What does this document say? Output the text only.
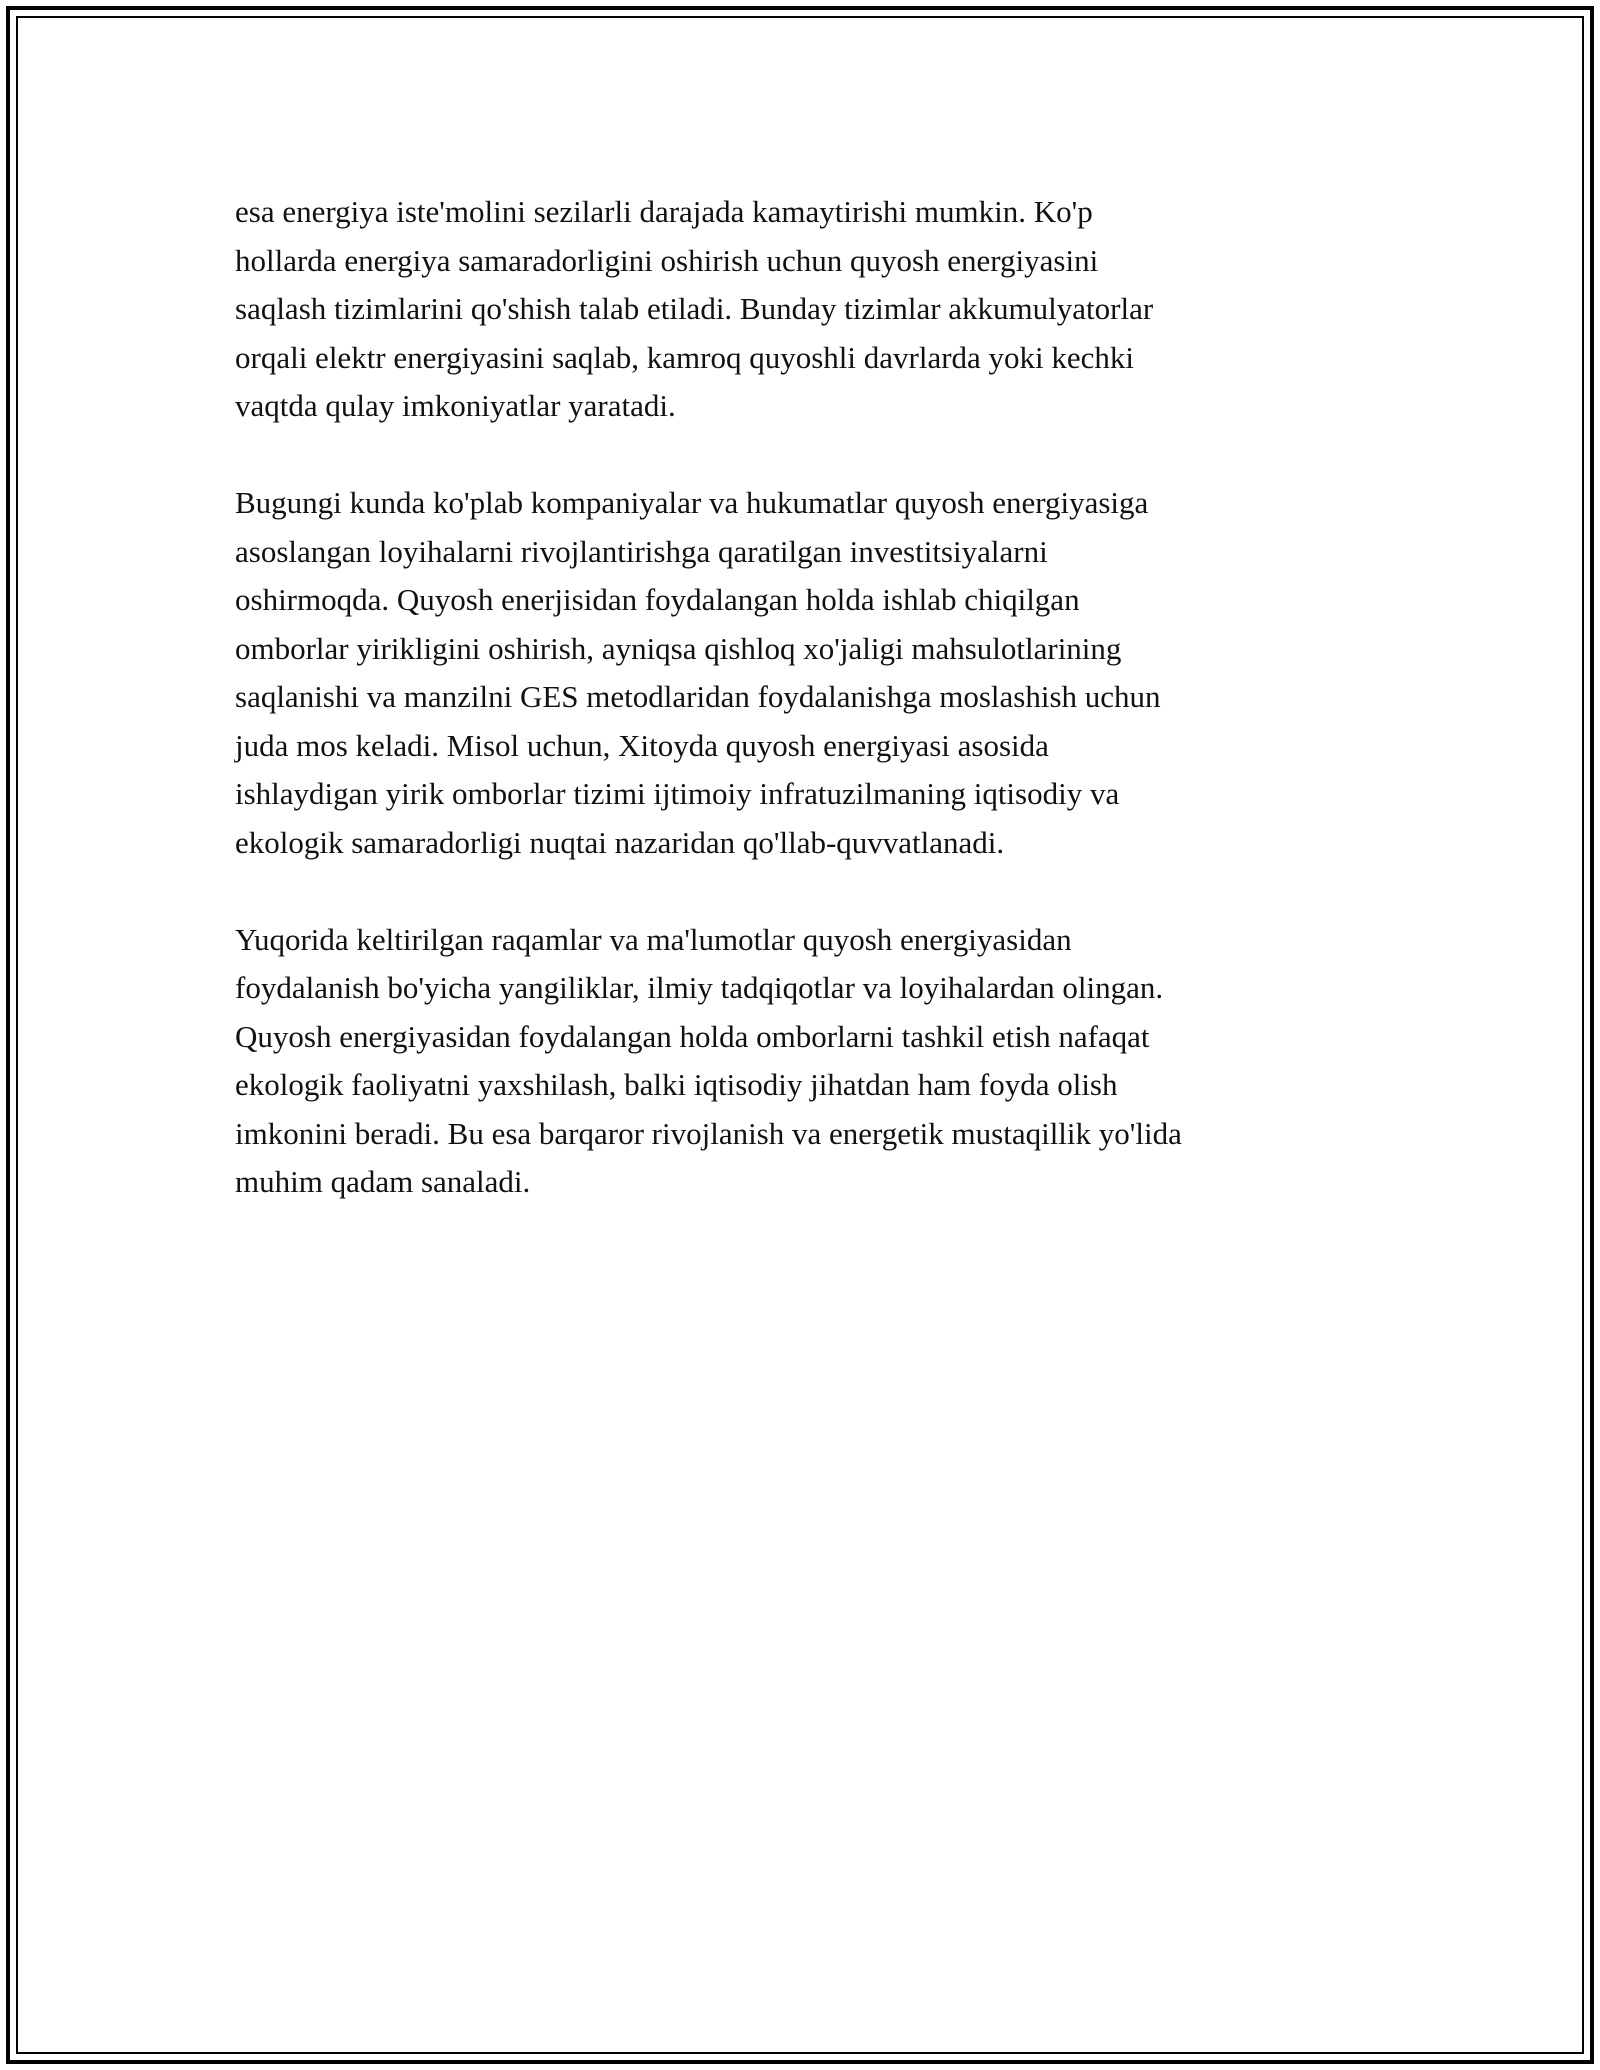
esa energiya iste'molini sezilarli darajada kamaytirishi mumkin. Ko'p
hollarda energiya samaradorligini oshirish uchun quyosh energiyasini
saqlash tizimlarini qo'shish talab etiladi. Bunday tizimlar akkumulyatorlar
orqali elektr energiyasini saqlab, kamroq quyoshli davrlarda yoki kechki
vaqtda qulay imkoniyatlar yaratadi.

Bugungi kunda ko'plab kompaniyalar va hukumatlar quyosh energiyasiga
asoslangan loyihalarni rivojlantirishga qaratilgan investitsiyalarni
oshirmoqda. Quyosh enerjisidan foydalangan holda ishlab chiqilgan
omborlar yirikligini oshirish, ayniqsa qishloq xo'jaligi mahsulotlarining
saqlanishi va manzilni GES metodlaridan foydalanishga moslashish uchun
juda mos keladi. Misol uchun, Xitoyda quyosh energiyasi asosida
ishlaydigan yirik omborlar tizimi ijtimoiy infratuzilmaning iqtisodiy va
ekologik samaradorligi nuqtai nazaridan qo'llab-quvvatlanadi.

Yuqorida keltirilgan raqamlar va ma'lumotlar quyosh energiyasidan
foydalanish bo'yicha yangiliklar, ilmiy tadqiqotlar va loyihalardan olingan.
Quyosh energiyasidan foydalangan holda omborlarni tashkil etish nafaqat
ekologik faoliyatni yaxshilash, balki iqtisodiy jihatdan ham foyda olish
imkonini beradi. Bu esa barqaror rivojlanish va energetik mustaqillik yo'lida
muhim qadam sanaladi.
